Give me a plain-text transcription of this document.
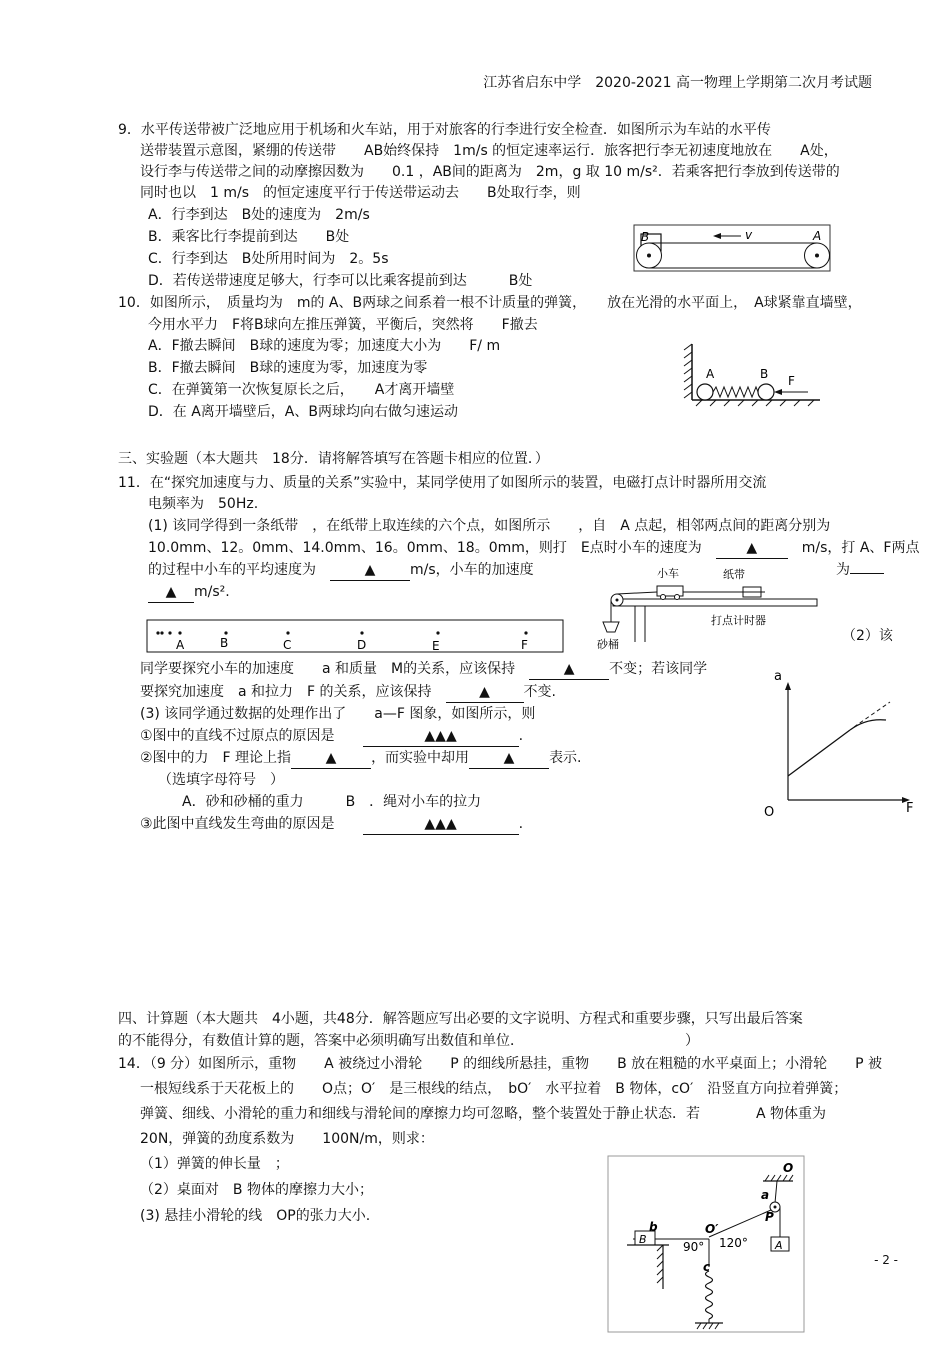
江苏省启东中学　2020-2021 高一物理上学期第二次月考试题
9．水平传送带被广泛地应用于机场和火车站，用于对旅客的行李进行安全检查．如图所示为车站的水平传
送带装置示意图，紧绷的传送带　　AB始终保持　1m/s 的恒定速率运行．旅客把行李无初速度地放在　　A处，
设行李与传送带之间的动摩擦因数为　　0.1 ，AB间的距离为　2m，g 取 10 m/s²．若乘客把行李放到传送带的
同时也以　1 m/s　的恒定速度平行于传送带运动去　　B处取行李，则
A．行李到达　B处的速度为　2m/s
B．乘客比行李提前到达　　B处
C．行李到达　B处所用时间为　2。5s
D．若传送带速度足够大，行李可以比乘客提前到达　　　B处
B	A
v
10．如图所示，　质量均为　m的 A、B两球之间系着一根不计质量的弹簧，　　放在光滑的水平面上，　A球紧靠直墙壁，
今用水平力　F将B球向左推压弹簧，平衡后，突然将　　F撤去
A．F撤去瞬间　B球的速度为零；加速度大小为　　F/ m
B．F撤去瞬间　B球的速度为零，加速度为零
C．在弹簧第一次恢复原长之后，　　A才离开墙壁
D．在 A离开墙壁后，A、B两球均向右做匀速运动
A	B F
三、实验题（本大题共　18分．请将解答填写在答题卡相应的位置．）
11．在“探究加速度与力、质量的关系”实验中，某同学使用了如图所示的装置，电磁打点计时器所用交流
电频率为　50Hz.
(1) 该同学得到一条纸带　，在纸带上取连续的六个点，如图所示　　，自　A 点起，相邻两点间的距离分别为
10.0mm、12。0mm、14.0mm、16。0mm、18。0mm，则打　E点时小车的速度为　	▲　	m/s，打 A、F两点
的过程中小车的平均速度为　	▲ m/s，小车的加速度	为
▲ m/s².
A	B	C	D	E	F
小车	纸带
砂桶
打点计时器
（2）该
同学要探究小车的加速度　　a 和质量　M的关系，应该保持　	▲ 不变；若该同学
要探究加速度　a 和拉力　F 的关系，应该保持　	▲ 不变.
(3) 该同学通过数据的处理作出了　　a—F 图象，如图所示，则
①图中的直线不过原点的原因是　　	▲▲▲	.
②图中的力　F 理论上指 ▲ ，而实验中却用 ▲ 表示.
（选填字母符号　）
A．砂和砂桶的重力　　　B　．绳对小车的拉力
③此图中直线发生弯曲的原因是　　	▲▲▲	.
a
F
O
四、计算题（本大题共　4小题，共48分．解答题应写出必要的文字说明、方程式和重要步骤，只写出最后答案
的不能得分，有数值计算的题，答案中必须明确写出数值和单位．　　　　　　　　　　　　）
14．（9 分）如图所示，重物　　A 被绕过小滑轮　　P 的细线所悬挂，重物　　B 放在粗糙的水平桌面上；小滑轮　　P 被
一根短线系于天花板上的　　O点；O′　是三根线的结点，　bO′　水平拉着　B 物体，cO′　沿竖直方向拉着弹簧；
弹簧、细线、小滑轮的重力和细线与滑轮间的摩擦力均可忽略，整个装置处于静止状态．若　　　　A 物体重为
20N，弹簧的劲度系数为　　100N/m，则求：
（1）弹簧的伸长量　；
（2）桌面对　B 物体的摩擦力大小；
(3) 悬挂小滑轮的线　OP的张力大小.
O
a
P
A
O′
120°
90°
B
b
c	- 2 -
